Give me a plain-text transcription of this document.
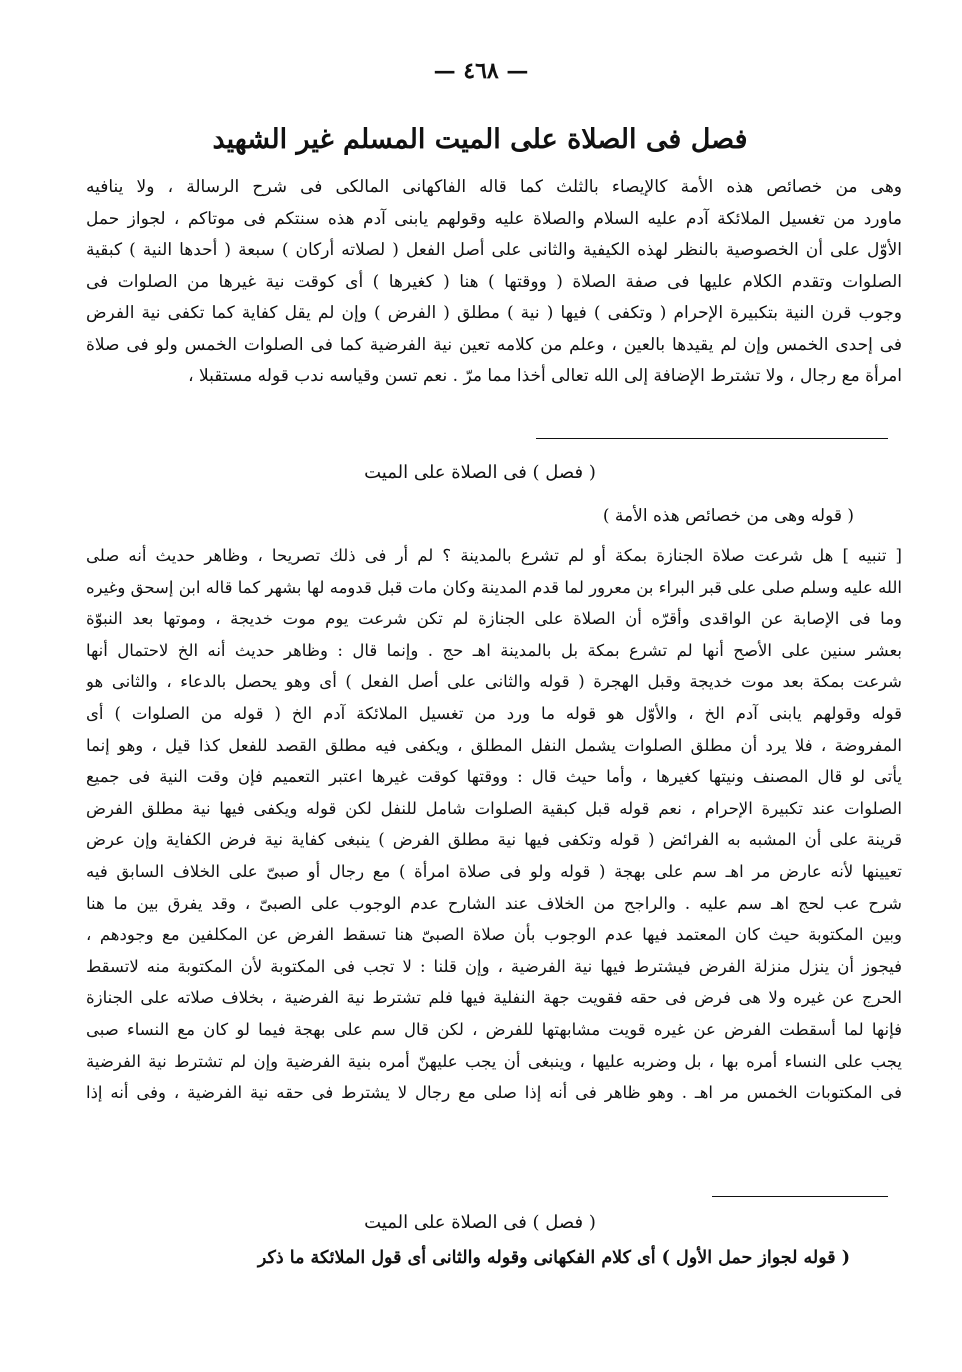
— ٤٦٨ —
فصل فى الصلاة على الميت المسلم غير الشهيد
وهى من خصائص هذه الأمة كالإيصاء بالثلث كما قاله الفاكهانى المالكى فى شرح الرسالة ، ولا ينافيه
ماورد من تغسيل الملائكة آدم عليه السلام والصلاة عليه وقولهم يابنى آدم هذه سنتكم فى موتاكم ، لجواز حمل
الأوّل على أن الخصوصية بالنظر لهذه الكيفية والثانى على أصل الفعل ( لصلاته أركان ) سبعة ( أحدها النية ) كبقية
الصلوات وتقدم الكلام عليها فى صفة الصلاة ( ووقتها ) هنا ( كغيرها ) أى كوقت نية غيرها من الصلوات فى
وجوب قرن النية بتكبيرة الإحرام ( وتكفى ) فيها ( نية ) مطلق ( الفرض ) وإن لم يقل كفاية كما تكفى نية الفرض
فى إحدى الخمس وإن لم يقيدها بالعين ، وعلم من كلامه تعين نية الفرضية كما فى الصلوات الخمس ولو فى صلاة
امرأة مع رجال ، ولا تشترط الإضافة إلى الله تعالى أخذا مما مرّ . نعم تسن وقياسه ندب قوله مستقبلا ،
( فصل ) فى الصلاة على الميت
( قوله وهى من خصائص هذه الأمة )
[ تنبيه ] هل شرعت صلاة الجنازة بمكة أو لم تشرع بالمدينة ؟ لم أر فى ذلك تصريحا ، وظاهر حديث أنه صلى
الله عليه وسلم صلى على قبر البراء بن معرور لما قدم المدينة وكان مات قبل قدومه لها بشهر كما قاله ابن إسحق وغيره
وما فى الإصابة عن الواقدى وأقرّه أن الصلاة على الجنازة لم تكن شرعت يوم موت خديجة ، وموتها بعد النبوّة
بعشر سنين على الأصح أنها لم تشرع بمكة بل بالمدينة اهـ حج . وإنما قال : وظاهر حديث أنه الخ لاحتمال أنها
شرعت بمكة بعد موت خديجة وقبل الهجرة ( قوله والثانى على أصل الفعل ) أى وهو يحصل بالدعاء ، والثانى هو
قوله وقولهم يابنى آدم الخ ، والأوّل هو قوله ما ورد من تغسيل الملائكة آدم الخ ( قوله من الصلوات ) أى
المفروضة ، فلا يرد أن مطلق الصلوات يشمل النفل المطلق ، ويكفى فيه مطلق القصد للفعل كذا قيل ، وهو إنما
يأتى لو قال المصنف ونيتها كغيرها ، وأما حيث قال : ووقتها كوقت غيرها اعتبر التعميم فإن وقت النية فى جميع
الصلوات عند تكبيرة الإحرام ، نعم قوله قبل كبقية الصلوات شامل للنفل لكن قوله ويكفى فيها نية مطلق الفرض
قرينة على أن المشبه به الفرائض ( قوله وتكفى فيها نية مطلق الفرض ) ينبغى كفاية نية فرض الكفاية وإن عرض
تعيينها لأنه عارض مر اهـ سم على بهجة ( قوله ولو فى صلاة امرأة ) مع رجال أو صبىّ على الخلاف السابق فيه
شرح عب لحج اهـ سم عليه . والراجح من الخلاف عند الشارح عدم الوجوب على الصبىّ ، وقد يفرق بين ما هنا
وبين المكتوبة حيث كان المعتمد فيها عدم الوجوب بأن صلاة الصبىّ هنا تسقط الفرض عن المكلفين مع وجودهم ،
فيجوز أن ينزل منزلة الفرض فيشترط فيها نية الفرضية ، وإن قلنا : لا تجب فى المكتوبة لأن المكتوبة منه لاتسقط
الحرج عن غيره ولا هى فرض فى حقه فقويت جهة النفلية فيها فلم تشترط نية الفرضية ، بخلاف صلاته على الجنازة
فإنها لما أسقطت الفرض عن غيره قويت مشابهتها للفرض ، لكن قال سم على بهجة فيما لو كان مع النساء صبى
يجب على النساء أمره بها ، بل وضربه عليها ، وينبغى أن يجب عليهنّ أمره بنية الفرضية وإن لم تشترط نية الفرضية
فى المكتوبات الخمس مر اهـ . وهو ظاهر فى أنه إذا صلى مع رجال لا يشترط فى حقه نية الفرضية ، وفى أنه إذا
( فصل ) فى الصلاة على الميت
( قوله لجواز حمل الأول ) أى كلام الفكهانى وقوله والثانى أى قول الملائكة ما ذكر
